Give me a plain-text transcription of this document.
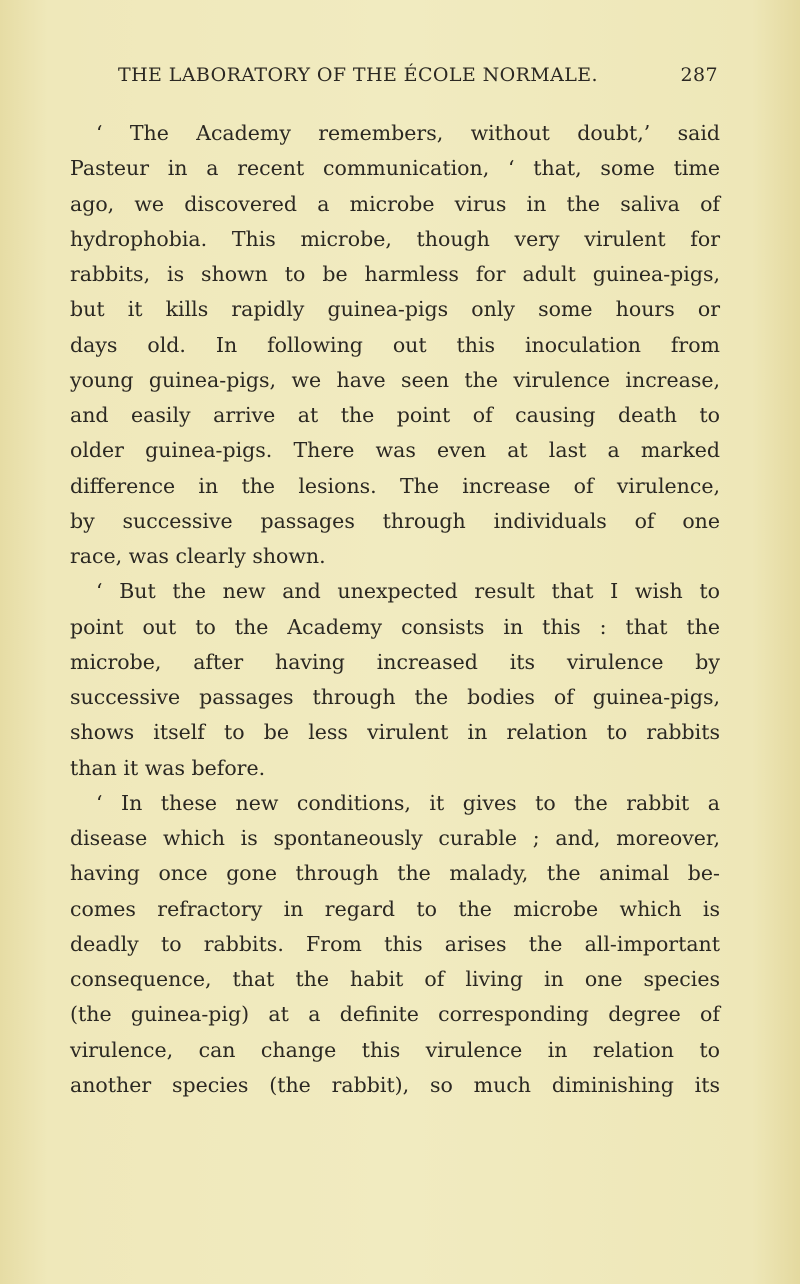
THE LABORATORY OF THE ÉCOLE NORMALE.	287
‘ The Academy remembers, without doubt,’ said
Pasteur in a recent communication, ‘ that, some time
ago, we discovered a microbe virus in the saliva of
hydrophobia. This microbe, though very virulent for
rabbits, is shown to be harmless for adult guinea-pigs,
but it kills rapidly guinea-pigs only some hours or
days old. In following out this inoculation from
young guinea-pigs, we have seen the virulence increase,
and easily arrive at the point of causing death to
older guinea-pigs. There was even at last a marked
difference in the lesions. The increase of virulence,
by successive passages through individuals of one
race, was clearly shown.
‘ But the new and unexpected result that I wish to
point out to the Academy consists in this : that the
microbe, after having increased its virulence by
successive passages through the bodies of guinea-pigs,
shows itself to be less virulent in relation to rabbits
than it was before.
‘ In these new conditions, it gives to the rabbit a
disease which is spontaneously curable ; and, moreover,
having once gone through the malady, the animal be-
comes refractory in regard to the microbe which is
deadly to rabbits. From this arises the all-important
consequence, that the habit of living in one species
(the guinea-pig) at a definite corresponding degree of
virulence, can change this virulence in relation to
another species (the rabbit), so much diminishing its
